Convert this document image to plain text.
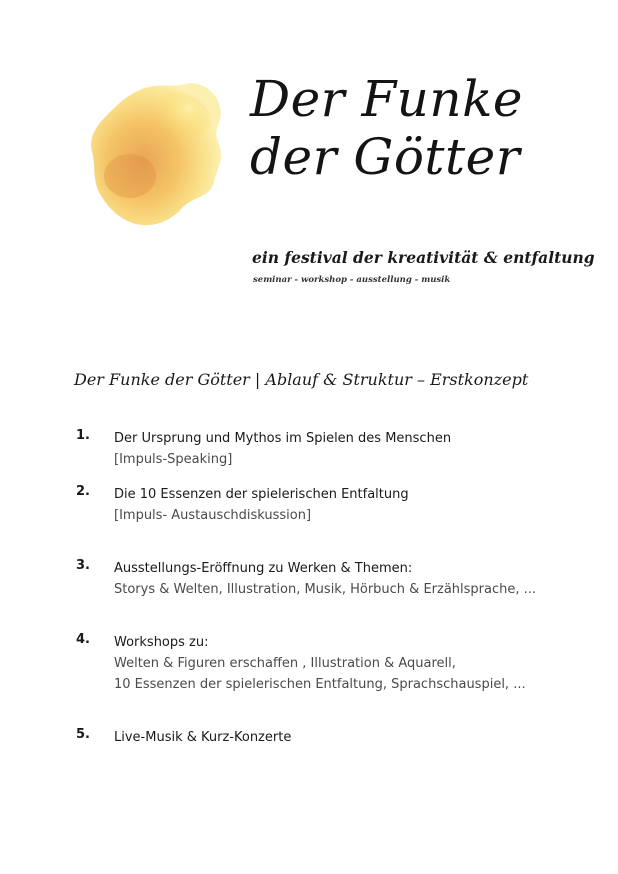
Der Funke
der Götter

ein festival der kreativität & entfaltung

seminar - workshop - ausstellung - musik

Der Funke der Götter | Ablauf & Struktur – Erstkonzept
1. Der Ursprung und Mythos im Spielen des Menschen
[Impuls-Speaking]
2. Die 10 Essenzen der spielerischen Entfaltung
[Impuls- Austauschdiskussion]
3. Ausstellungs-Eröffnung zu Werken & Themen:
Storys & Welten, Illustration, Musik, Hörbuch & Erzählsprache, ...
4. Workshops zu:
Welten & Figuren erschaffen , Illustration & Aquarell,
10 Essenzen der spielerischen Entfaltung, Sprachschauspiel, ...
5. Live-Musik & Kurz-Konzerte
